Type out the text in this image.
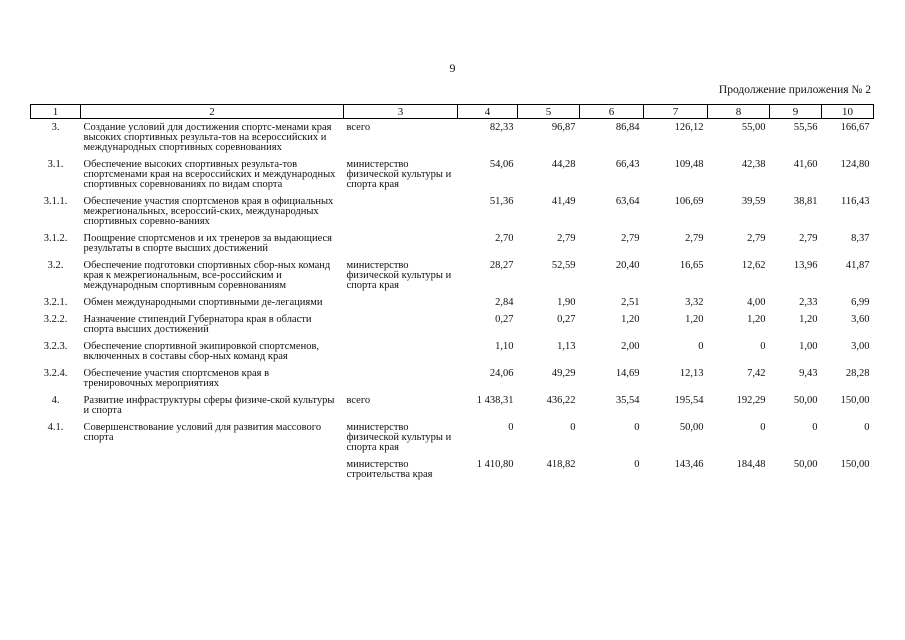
9
Продолжение приложения № 2
1	2	3	4	5	6	7	8	9	10
3.	Создание условий для достижения спортс-менами края высоких спортивных результа-тов на всероссийских и международных спортивных соревнованиях	всего	82,33	96,87	86,84	126,12	55,00	55,56	166,67
3.1.	Обеспечение высоких спортивных результа-тов спортсменами края на всероссийских и международных спортивных соревнованиях по видам спорта	министерство физической культуры и спорта края	54,06	44,28	66,43	109,48	42,38	41,60	124,80
3.1.1.	Обеспечение участия спортсменов края в официальных межрегиональных, всероссий-ских, международных спортивных соревно-ваниях		51,36	41,49	63,64	106,69	39,59	38,81	116,43
3.1.2.	Поощрение спортсменов и их тренеров за выдающиеся результаты в спорте высших достижений		2,70	2,79	2,79	2,79	2,79	2,79	8,37
3.2.	Обеспечение подготовки спортивных сбор-ных команд края к межрегиональным, все-российским и международным спортивным соревнованиям	министерство физической культуры и спорта края	28,27	52,59	20,40	16,65	12,62	13,96	41,87
3.2.1.	Обмен международными спортивными де-легациями		2,84	1,90	2,51	3,32	4,00	2,33	6,99
3.2.2.	Назначение стипендий Губернатора края в области спорта высших достижений		0,27	0,27	1,20	1,20	1,20	1,20	3,60
3.2.3.	Обеспечение спортивной экипировкой спортсменов, включенных в составы сбор-ных команд края		1,10	1,13	2,00	0	0	1,00	3,00
3.2.4.	Обеспечение участия спортсменов края в тренировочных мероприятиях		24,06	49,29	14,69	12,13	7,42	9,43	28,28
4.	Развитие инфраструктуры сферы физиче-ской культуры и спорта	всего	1 438,31	436,22	35,54	195,54	192,29	50,00	150,00
4.1.	Совершенствование условий для развития массового спорта	министерство физической культуры и спорта края	0	0	0	50,00	0	0	0
		министерство строительства края	1 410,80	418,82	0	143,46	184,48	50,00	150,00
